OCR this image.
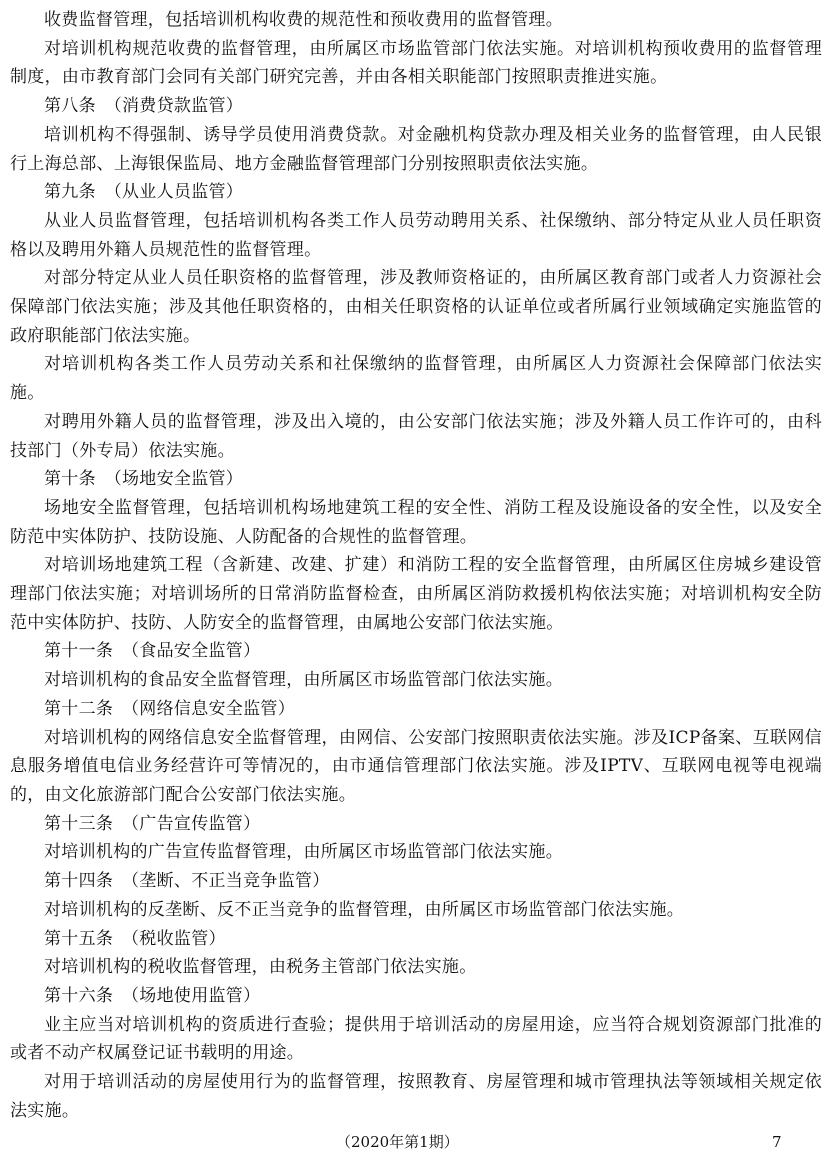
收费监督管理，包括培训机构收费的规范性和预收费用的监督管理。

对培训机构规范收费的监督管理，由所属区市场监管部门依法实施。对培训机构预收费用的监督管理制度，由市教育部门会同有关部门研究完善，并由各相关职能部门按照职责推进实施。

第八条　（消费贷款监管）

培训机构不得强制、诱导学员使用消费贷款。对金融机构贷款办理及相关业务的监督管理，由人民银行上海总部、上海银保监局、地方金融监督管理部门分别按照职责依法实施。

第九条　（从业人员监管）

从业人员监督管理，包括培训机构各类工作人员劳动聘用关系、社保缴纳、部分特定从业人员任职资格以及聘用外籍人员规范性的监督管理。

对部分特定从业人员任职资格的监督管理，涉及教师资格证的，由所属区教育部门或者人力资源社会保障部门依法实施；涉及其他任职资格的，由相关任职资格的认证单位或者所属行业领域确定实施监管的政府职能部门依法实施。

对培训机构各类工作人员劳动关系和社保缴纳的监督管理，由所属区人力资源社会保障部门依法实施。

对聘用外籍人员的监督管理，涉及出入境的，由公安部门依法实施；涉及外籍人员工作许可的，由科技部门（外专局）依法实施。

第十条　（场地安全监管）

场地安全监督管理，包括培训机构场地建筑工程的安全性、消防工程及设施设备的安全性，以及安全防范中实体防护、技防设施、人防配备的合规性的监督管理。

对培训场地建筑工程（含新建、改建、扩建）和消防工程的安全监督管理，由所属区住房城乡建设管理部门依法实施；对培训场所的日常消防监督检查，由所属区消防救援机构依法实施；对培训机构安全防范中实体防护、技防、人防安全的监督管理，由属地公安部门依法实施。

第十一条　（食品安全监管）

对培训机构的食品安全监督管理，由所属区市场监管部门依法实施。

第十二条　（网络信息安全监管）

对培训机构的网络信息安全监督管理，由网信、公安部门按照职责依法实施。涉及ICP备案、互联网信息服务增值电信业务经营许可等情况的，由市通信管理部门依法实施。涉及IPTV、互联网电视等电视端的，由文化旅游部门配合公安部门依法实施。

第十三条　（广告宣传监管）

对培训机构的广告宣传监督管理，由所属区市场监管部门依法实施。

第十四条　（垄断、不正当竞争监管）

对培训机构的反垄断、反不正当竞争的监督管理，由所属区市场监管部门依法实施。

第十五条　（税收监管）

对培训机构的税收监督管理，由税务主管部门依法实施。

第十六条　（场地使用监管）

业主应当对培训机构的资质进行查验；提供用于培训活动的房屋用途，应当符合规划资源部门批准的或者不动产权属登记证书载明的用途。

对用于培训活动的房屋使用行为的监督管理，按照教育、房屋管理和城市管理执法等领域相关规定依法实施。

（2020年第1期）	7
